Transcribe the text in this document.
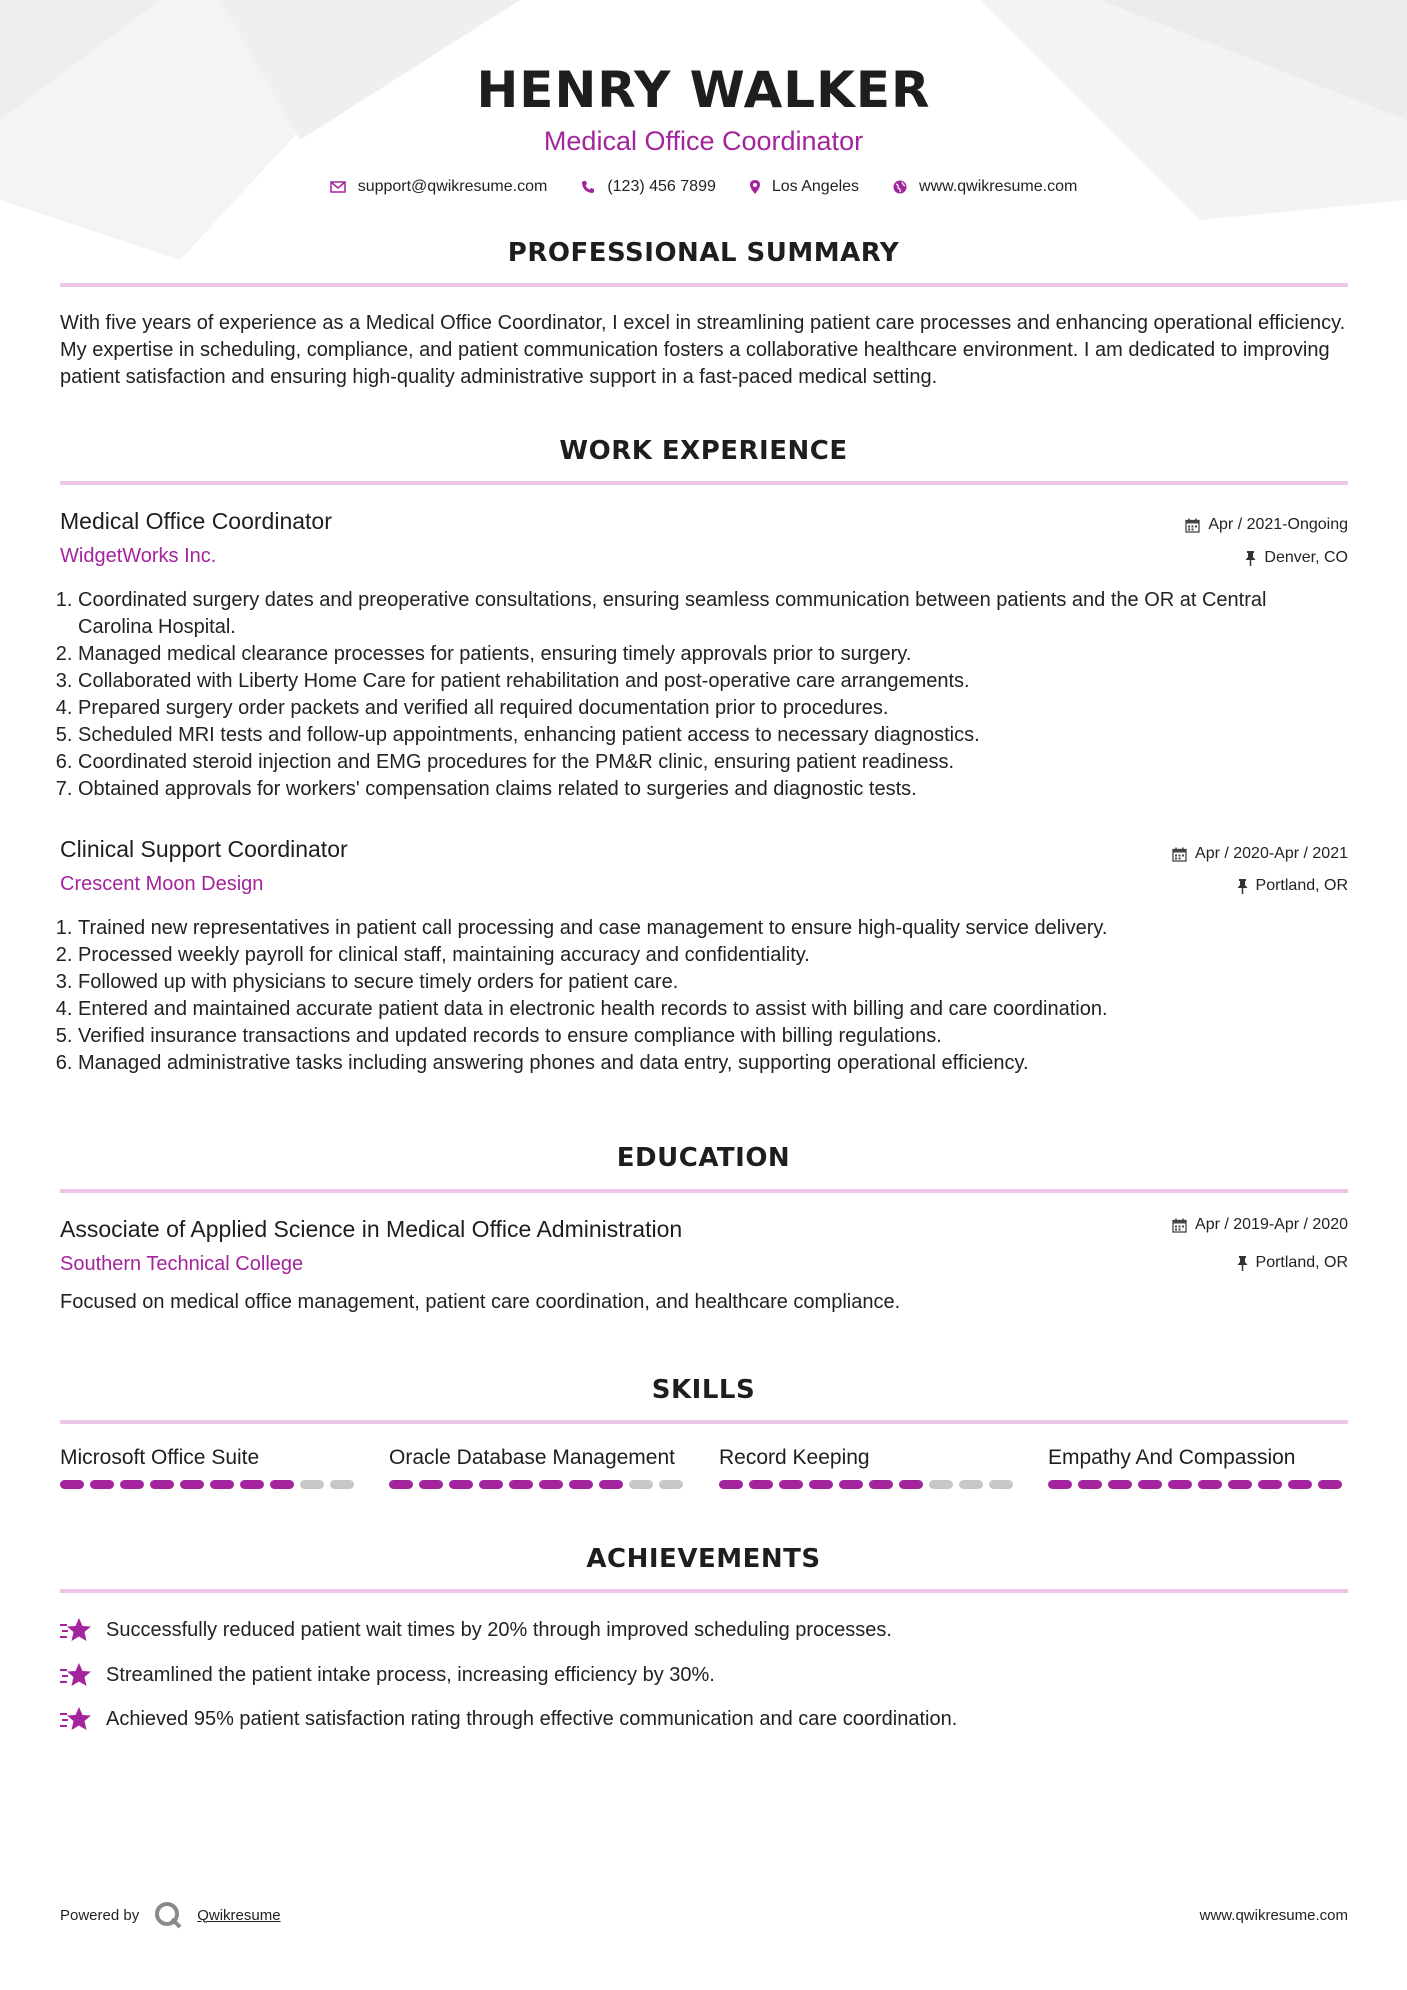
HENRY WALKER
Medical Office Coordinator
support@qwikresume.com	(123) 456 7899	Los Angeles	www.qwikresume.com
PROFESSIONAL SUMMARY
With five years of experience as a Medical Office Coordinator, I excel in streamlining patient care processes and enhancing operational efficiency. My expertise in scheduling, compliance, and patient communication fosters a collaborative healthcare environment. I am dedicated to improving patient satisfaction and ensuring high-quality administrative support in a fast-paced medical setting.
WORK EXPERIENCE
Medical Office Coordinator
WidgetWorks Inc.
Apr / 2021-Ongoing
Denver, CO
1. Coordinated surgery dates and preoperative consultations, ensuring seamless communication between patients and the OR at Central Carolina Hospital.
2. Managed medical clearance processes for patients, ensuring timely approvals prior to surgery.
3. Collaborated with Liberty Home Care for patient rehabilitation and post-operative care arrangements.
4. Prepared surgery order packets and verified all required documentation prior to procedures.
5. Scheduled MRI tests and follow-up appointments, enhancing patient access to necessary diagnostics.
6. Coordinated steroid injection and EMG procedures for the PM&R clinic, ensuring patient readiness.
7. Obtained approvals for workers' compensation claims related to surgeries and diagnostic tests.
Clinical Support Coordinator
Crescent Moon Design
Apr / 2020-Apr / 2021
Portland, OR
1. Trained new representatives in patient call processing and case management to ensure high-quality service delivery.
2. Processed weekly payroll for clinical staff, maintaining accuracy and confidentiality.
3. Followed up with physicians to secure timely orders for patient care.
4. Entered and maintained accurate patient data in electronic health records to assist with billing and care coordination.
5. Verified insurance transactions and updated records to ensure compliance with billing regulations.
6. Managed administrative tasks including answering phones and data entry, supporting operational efficiency.
EDUCATION
Associate of Applied Science in Medical Office Administration
Southern Technical College
Apr / 2019-Apr / 2020
Portland, OR
Focused on medical office management, patient care coordination, and healthcare compliance.
SKILLS
Microsoft Office Suite	Oracle Database Management	Record Keeping	Empathy And Compassion
ACHIEVEMENTS
Successfully reduced patient wait times by 20% through improved scheduling processes.
Streamlined the patient intake process, increasing efficiency by 30%.
Achieved 95% patient satisfaction rating through effective communication and care coordination.
Powered by	Qwikresume	www.qwikresume.com
